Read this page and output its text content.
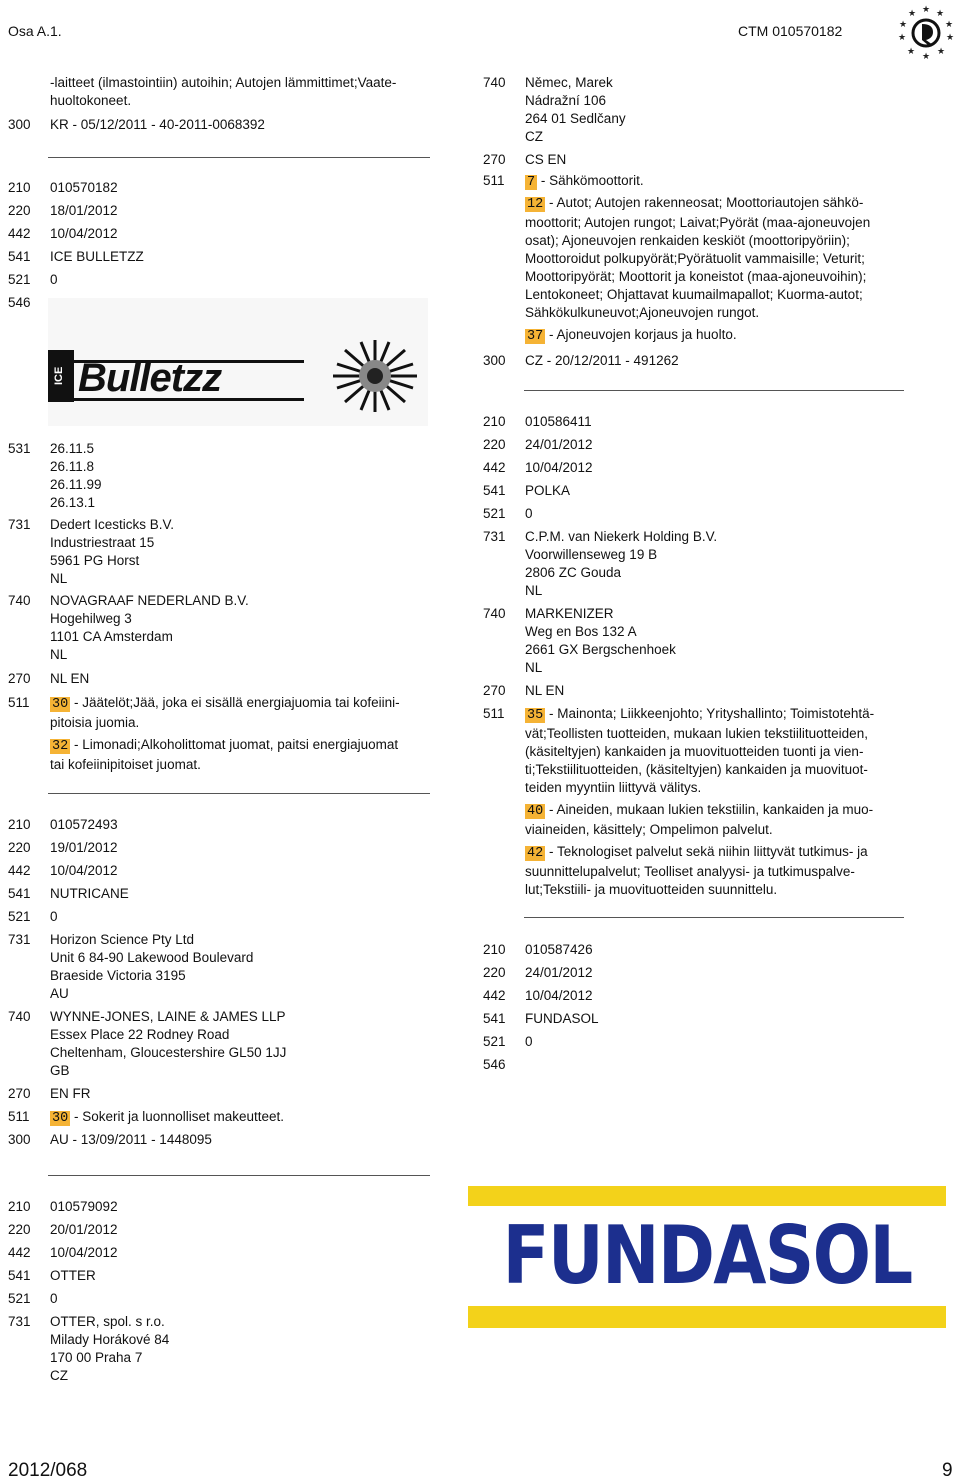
Osa A.1.	CTM 010570182
★ ★
★
★
★
★
★
★
★
★
-laitteet (ilmastointiin) autoihin; Autojen lämmittimet;Vaate-
huoltokoneet.
300	KR - 05/12/2011 - 40-2011-0068392
210	010570182
220	18/01/2012
442	10/04/2012
541	ICE BULLETZZ
521	0
546
ICE Bulletzz
531	26.11.5
26.11.8
26.11.99
26.13.1
731	Dedert Icesticks B.V.
Industriestraat 15
5961 PG Horst
NL
740	NOVAGRAAF NEDERLAND B.V.
Hogehilweg 3
1101 CA Amsterdam
NL
270	NL EN
511	30 - Jäätelöt;Jää, joka ei sisällä energiajuomia tai kofeiini-
pitoisia juomia.
32 - Limonadi;Alkoholittomat juomat, paitsi energiajuomat
tai kofeiinipitoiset juomat.
210	010572493
220	19/01/2012
442	10/04/2012
541	NUTRICANE
521	0
731	Horizon Science Pty Ltd
Unit 6 84-90 Lakewood Boulevard
Braeside Victoria 3195
AU
740	WYNNE-JONES, LAINE & JAMES LLP
Essex Place 22 Rodney Road
Cheltenham, Gloucestershire GL50 1JJ
GB
270	EN FR
511	30 - Sokerit ja luonnolliset makeutteet.
300	AU - 13/09/2011 - 1448095
210	010579092
220	20/01/2012
442	10/04/2012
541	OTTER
521	0
731	OTTER, spol. s r.o.
Milady Horákové 84
170 00 Praha 7
CZ
740	Němec, Marek
Nádražní 106
264 01 Sedlčany
CZ
270	CS EN
511	7 - Sähkömoottorit.
12 - Autot; Autojen rakenneosat; Moottoriautojen sähkö-
moottorit; Autojen rungot; Laivat;Pyörät (maa-ajoneuvojen
osat); Ajoneuvojen renkaiden keskiöt (moottoripyöriin);
Moottoroidut polkupyörät;Pyörätuolit vammaisille; Veturit;
Moottoripyörät; Moottorit ja koneistot (maa-ajoneuvoihin);
Lentokoneet; Ohjattavat kuumailmapallot; Kuorma-autot;
Sähkökulkuneuvot;Ajoneuvojen rungot.
37 - Ajoneuvojen korjaus ja huolto.
300	CZ - 20/12/2011 - 491262
210	010586411
220	24/01/2012
442	10/04/2012
541	POLKA
521	0
731	C.P.M. van Niekerk Holding B.V.
Voorwillenseweg 19 B
2806 ZC Gouda
NL
740	MARKENIZER
Weg en Bos 132 A
2661 GX Bergschenhoek
NL
270	NL EN
511	35 - Mainonta; Liikkeenjohto; Yrityshallinto; Toimistotehtä-
vät;Teollisten tuotteiden, mukaan lukien tekstiilituotteiden,
(käsiteltyjen) kankaiden ja muovituotteiden tuonti ja vien-
ti;Tekstiilituotteiden, (käsiteltyjen) kankaiden ja muovituot-
teiden myyntiin liittyvä välitys.
40 - Aineiden, mukaan lukien tekstiilin, kankaiden ja muo-
viaineiden, käsittely; Ompelimon palvelut.
42 - Teknologiset palvelut sekä niihin liittyvät tutkimus- ja
suunnittelupalvelut; Teolliset analyysi- ja tutkimuspalve-
lut;Tekstiili- ja muovituotteiden suunnittelu.
210	010587426
220	24/01/2012
442	10/04/2012
541	FUNDASOL
521	0
546
FUNDASOL
2012/068	9
